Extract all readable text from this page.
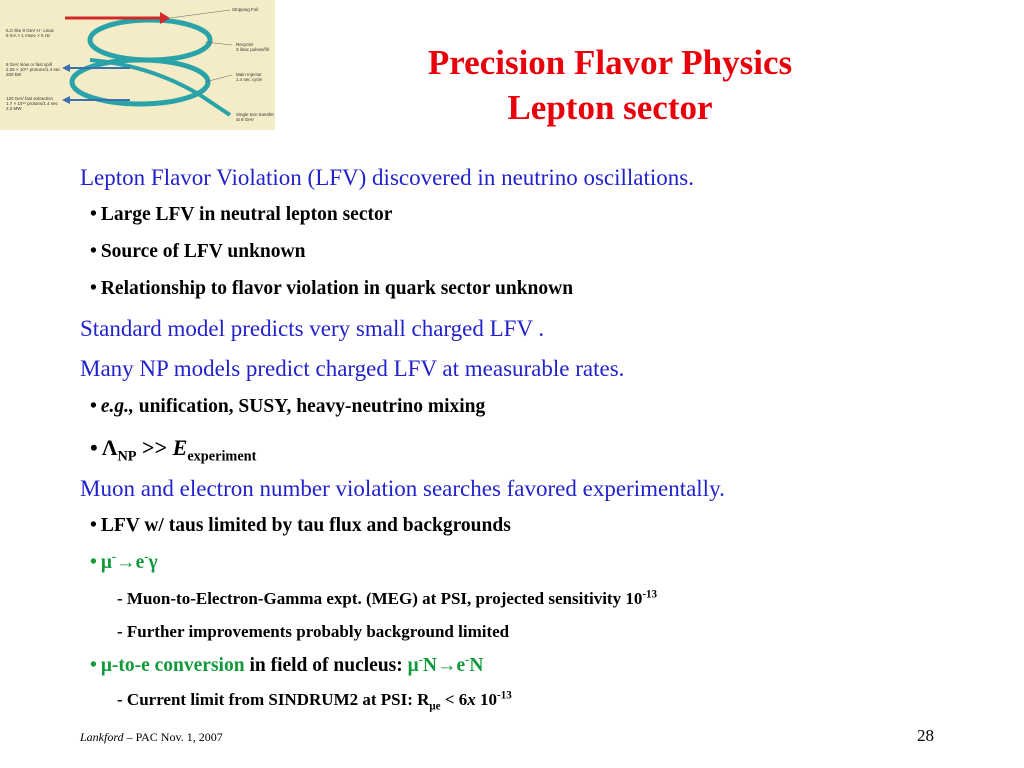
Stripping Foil
ILC-like 8 GeV H⁻ Linac
9 mA × 1 msec × 5 Hz
8 GeV slow or fast spill
2.25 × 10¹⁴ protons/1.4 sec
200 kW
120 GeV fast extraction
1.7 × 10¹⁴ protons/1.4 sec
2.2 MW
Recycler
3 linac pulses/fill
Main Injector
1.4 sec cycle
Single turn transfer
at 8 GeV
Precision Flavor Physics
Lepton sector
Lepton Flavor Violation (LFV) discovered in neutrino oscillations.
• Large LFV in neutral lepton sector
• Source of LFV unknown
• Relationship to flavor violation in quark sector unknown
Standard model predicts very small charged LFV .
Many NP models predict charged LFV at measurable rates.
• e.g., unification, SUSY, heavy-neutrino mixing
• $\Lambda_{NP} >> E_{experiment}$
Muon and electron number violation searches favored experimentally.
• LFV w/ taus limited by tau flux and backgrounds
• μ-→e-γ
- Muon-to-Electron-Gamma expt. (MEG) at PSI, projected sensitivity $10^{-13}$
- Further improvements probably background limited
• μ-to-e conversion in field of nucleus: μ-N→e-N
- Current limit from SINDRUM2 at PSI: $R_{\mu e} < 6x$ $10^{-13}$
Lankford – PAC Nov. 1, 2007	28
